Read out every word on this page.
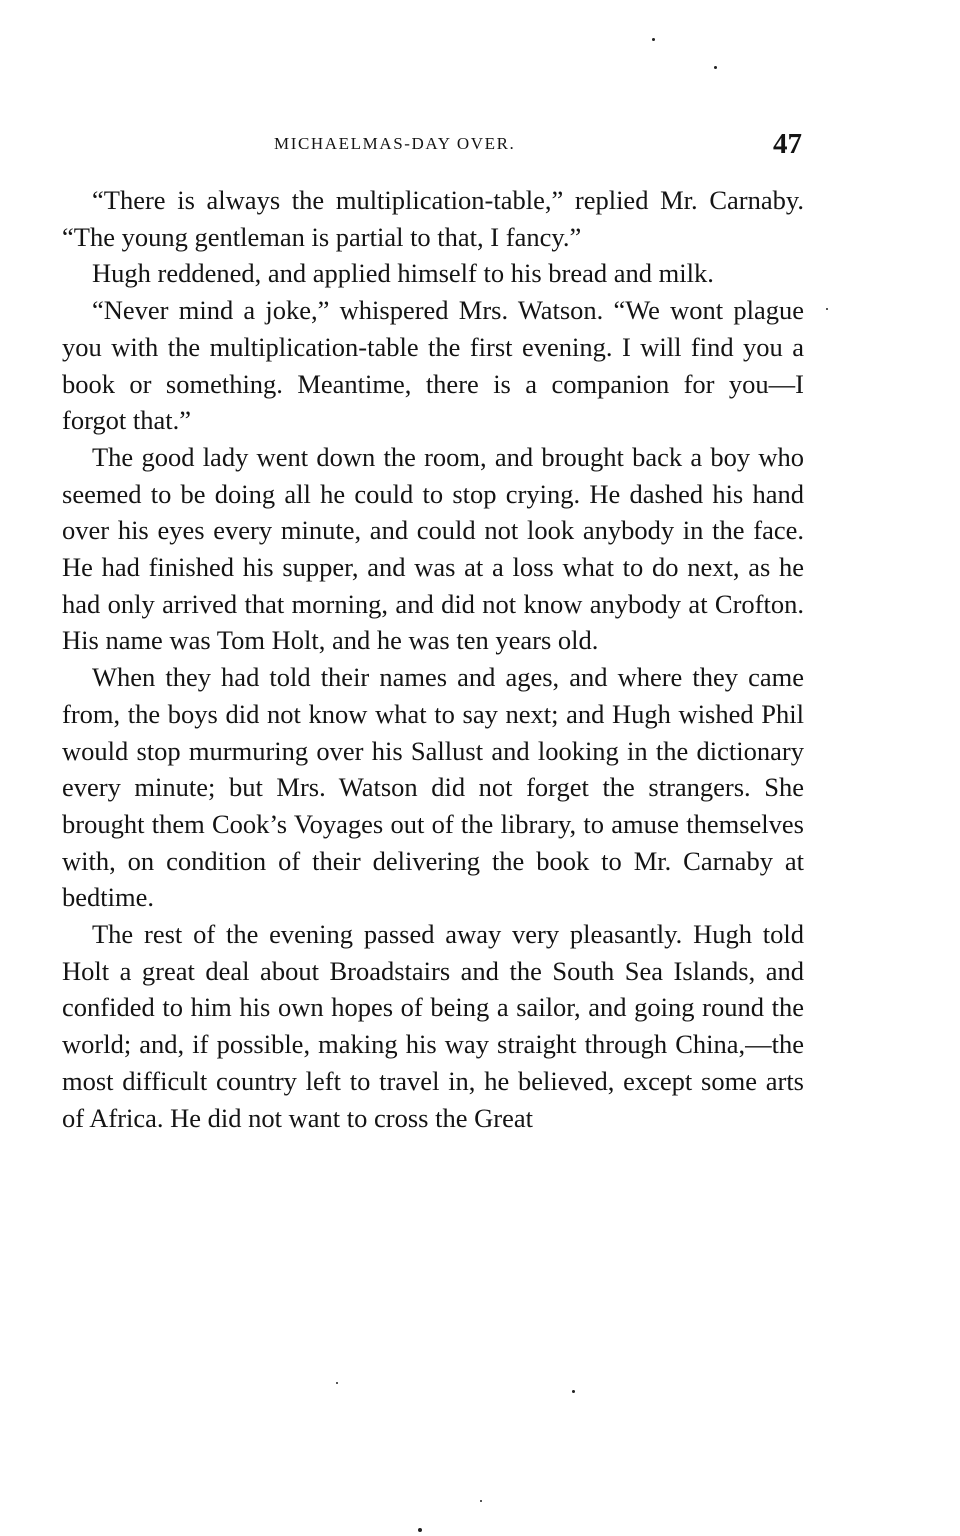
MICHAELMAS-DAY OVER.	47

“There is always the multiplication-table,” replied Mr. Carnaby. “The young gentleman is partial to that, I fancy.”

Hugh reddened, and applied himself to his bread and milk.

“Never mind a joke,” whispered Mrs. Watson. “We wont plague you with the multiplication-table the first evening. I will find you a book or something. Meantime, there is a companion for you—I forgot that.”

The good lady went down the room, and brought back a boy who seemed to be doing all he could to stop crying. He dashed his hand over his eyes every minute, and could not look anybody in the face. He had finished his supper, and was at a loss what to do next, as he had only arrived that morning, and did not know anybody at Crofton. His name was Tom Holt, and he was ten years old.

When they had told their names and ages, and where they came from, the boys did not know what to say next; and Hugh wished Phil would stop murmuring over his Sallust and looking in the dictionary every minute; but Mrs. Watson did not forget the strangers. She brought them Cook’s Voyages out of the library, to amuse themselves with, on condition of their delivering the book to Mr. Carnaby at bedtime.

The rest of the evening passed away very pleasantly. Hugh told Holt a great deal about Broadstairs and the South Sea Islands, and confided to him his own hopes of being a sailor, and going round the world; and, if possible, making his way straight through China,—the most difficult country left to travel in, he believed, except some arts of Africa. He did not want to cross the Great
